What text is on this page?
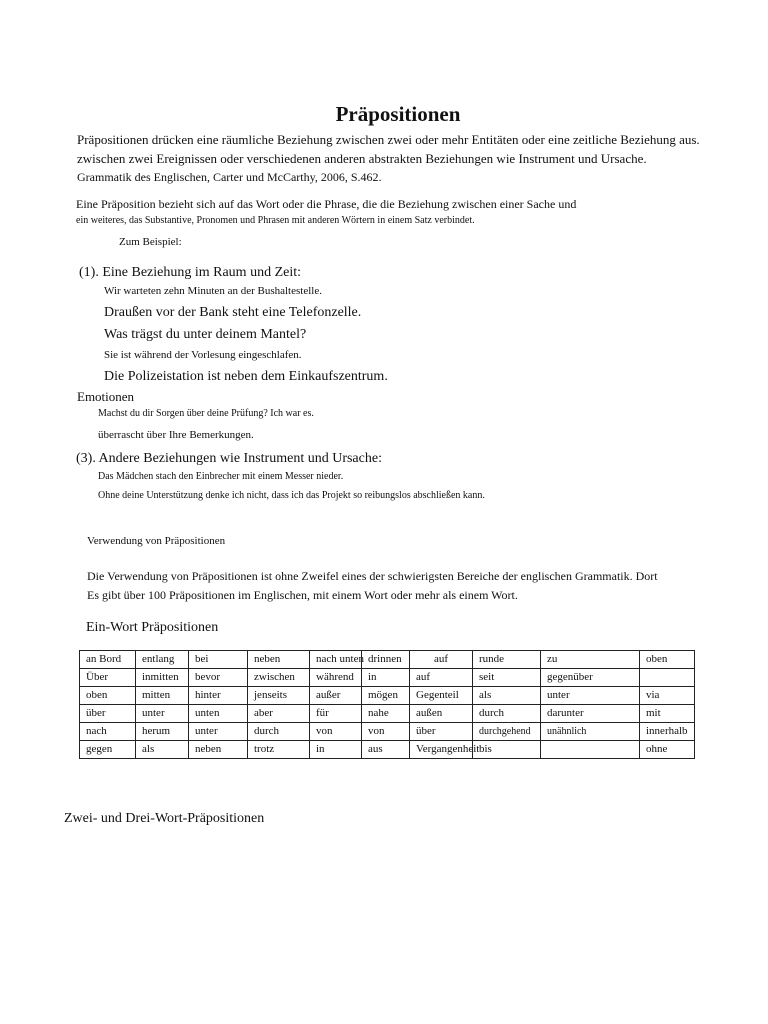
Präpositionen
Präpositionen drücken eine räumliche Beziehung zwischen zwei oder mehr Entitäten oder eine zeitliche Beziehung aus.
zwischen zwei Ereignissen oder verschiedenen anderen abstrakten Beziehungen wie Instrument und Ursache.
Grammatik des Englischen, Carter und McCarthy, 2006, S.462.
Eine Präposition bezieht sich auf das Wort oder die Phrase, die die Beziehung zwischen einer Sache und
ein weiteres, das Substantive, Pronomen und Phrasen mit anderen Wörtern in einem Satz verbindet.
Zum Beispiel:
(1). Eine Beziehung im Raum und Zeit:
Wir warteten zehn Minuten an der Bushaltestelle.
Draußen vor der Bank steht eine Telefonzelle.
Was trägst du unter deinem Mantel?
Sie ist während der Vorlesung eingeschlafen.
Die Polizeistation ist neben dem Einkaufszentrum.
Emotionen
Machst du dir Sorgen über deine Prüfung? Ich war es.
überrascht über Ihre Bemerkungen.
(3). Andere Beziehungen wie Instrument und Ursache:
Das Mädchen stach den Einbrecher mit einem Messer nieder.
Ohne deine Unterstützung denke ich nicht, dass ich das Projekt so reibungslos abschließen kann.
Verwendung von Präpositionen
Die Verwendung von Präpositionen ist ohne Zweifel eines der schwierigsten Bereiche der englischen Grammatik. Dort
Es gibt über 100 Präpositionen im Englischen, mit einem Wort oder mehr als einem Wort.
Ein-Wort Präpositionen
an Bord	entlang	bei	neben	nach unten	drinnen	auf	runde	zu	oben
Über	inmitten	bevor	zwischen	während	in	auf	seit	gegenüber	
oben	mitten	hinter	jenseits	außer	mögen	Gegenteil	als	unter	via
über	unter	unten	aber	für	nahe	außen	durch	darunter	mit
nach	herum	unter	durch	von	von	über	durchgehend	unähnlich	innerhalb
gegen	als	neben	trotz	in	aus	Vergangenheit	bis		ohne
Zwei- und Drei-Wort-Präpositionen
